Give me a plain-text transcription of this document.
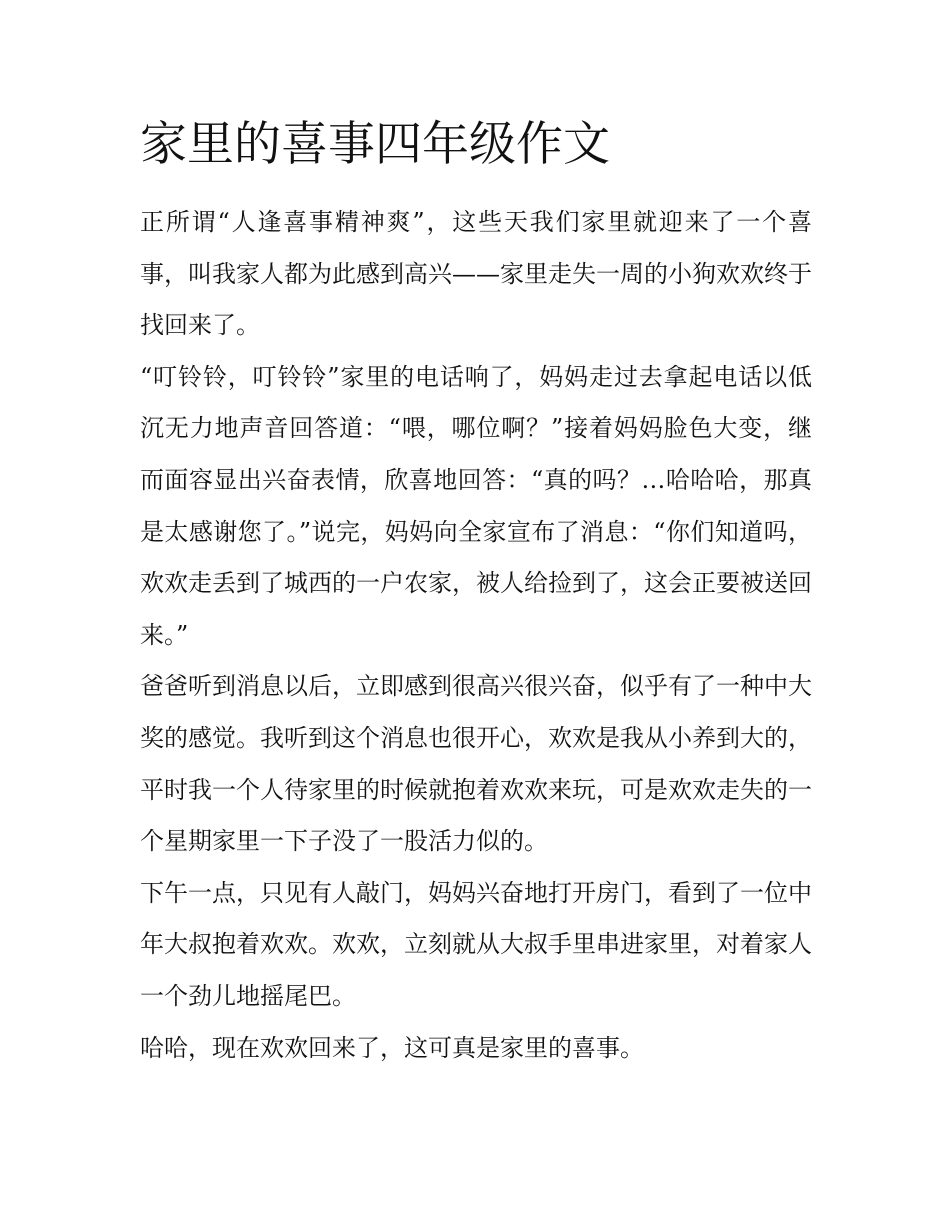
家里的喜事四年级作文

正所谓“人逢喜事精神爽”，这些天我们家里就迎来了一个喜事，叫我家人都为此感到高兴——家里走失一周的小狗欢欢终于找回来了。

“叮铃铃，叮铃铃”家里的电话响了，妈妈走过去拿起电话以低沉无力地声音回答道：“喂，哪位啊？”接着妈妈脸色大变，继而面容显出兴奋表情，欣喜地回答：“真的吗？…哈哈哈，那真是太感谢您了。”说完，妈妈向全家宣布了消息：“你们知道吗，欢欢走丢到了城西的一户农家，被人给捡到了，这会正要被送回来。”

爸爸听到消息以后，立即感到很高兴很兴奋，似乎有了一种中大奖的感觉。我听到这个消息也很开心，欢欢是我从小养到大的，平时我一个人待家里的时候就抱着欢欢来玩，可是欢欢走失的一个星期家里一下子没了一股活力似的。

下午一点，只见有人敲门，妈妈兴奋地打开房门，看到了一位中年大叔抱着欢欢。欢欢，立刻就从大叔手里串进家里，对着家人一个劲儿地摇尾巴。

哈哈，现在欢欢回来了，这可真是家里的喜事。
